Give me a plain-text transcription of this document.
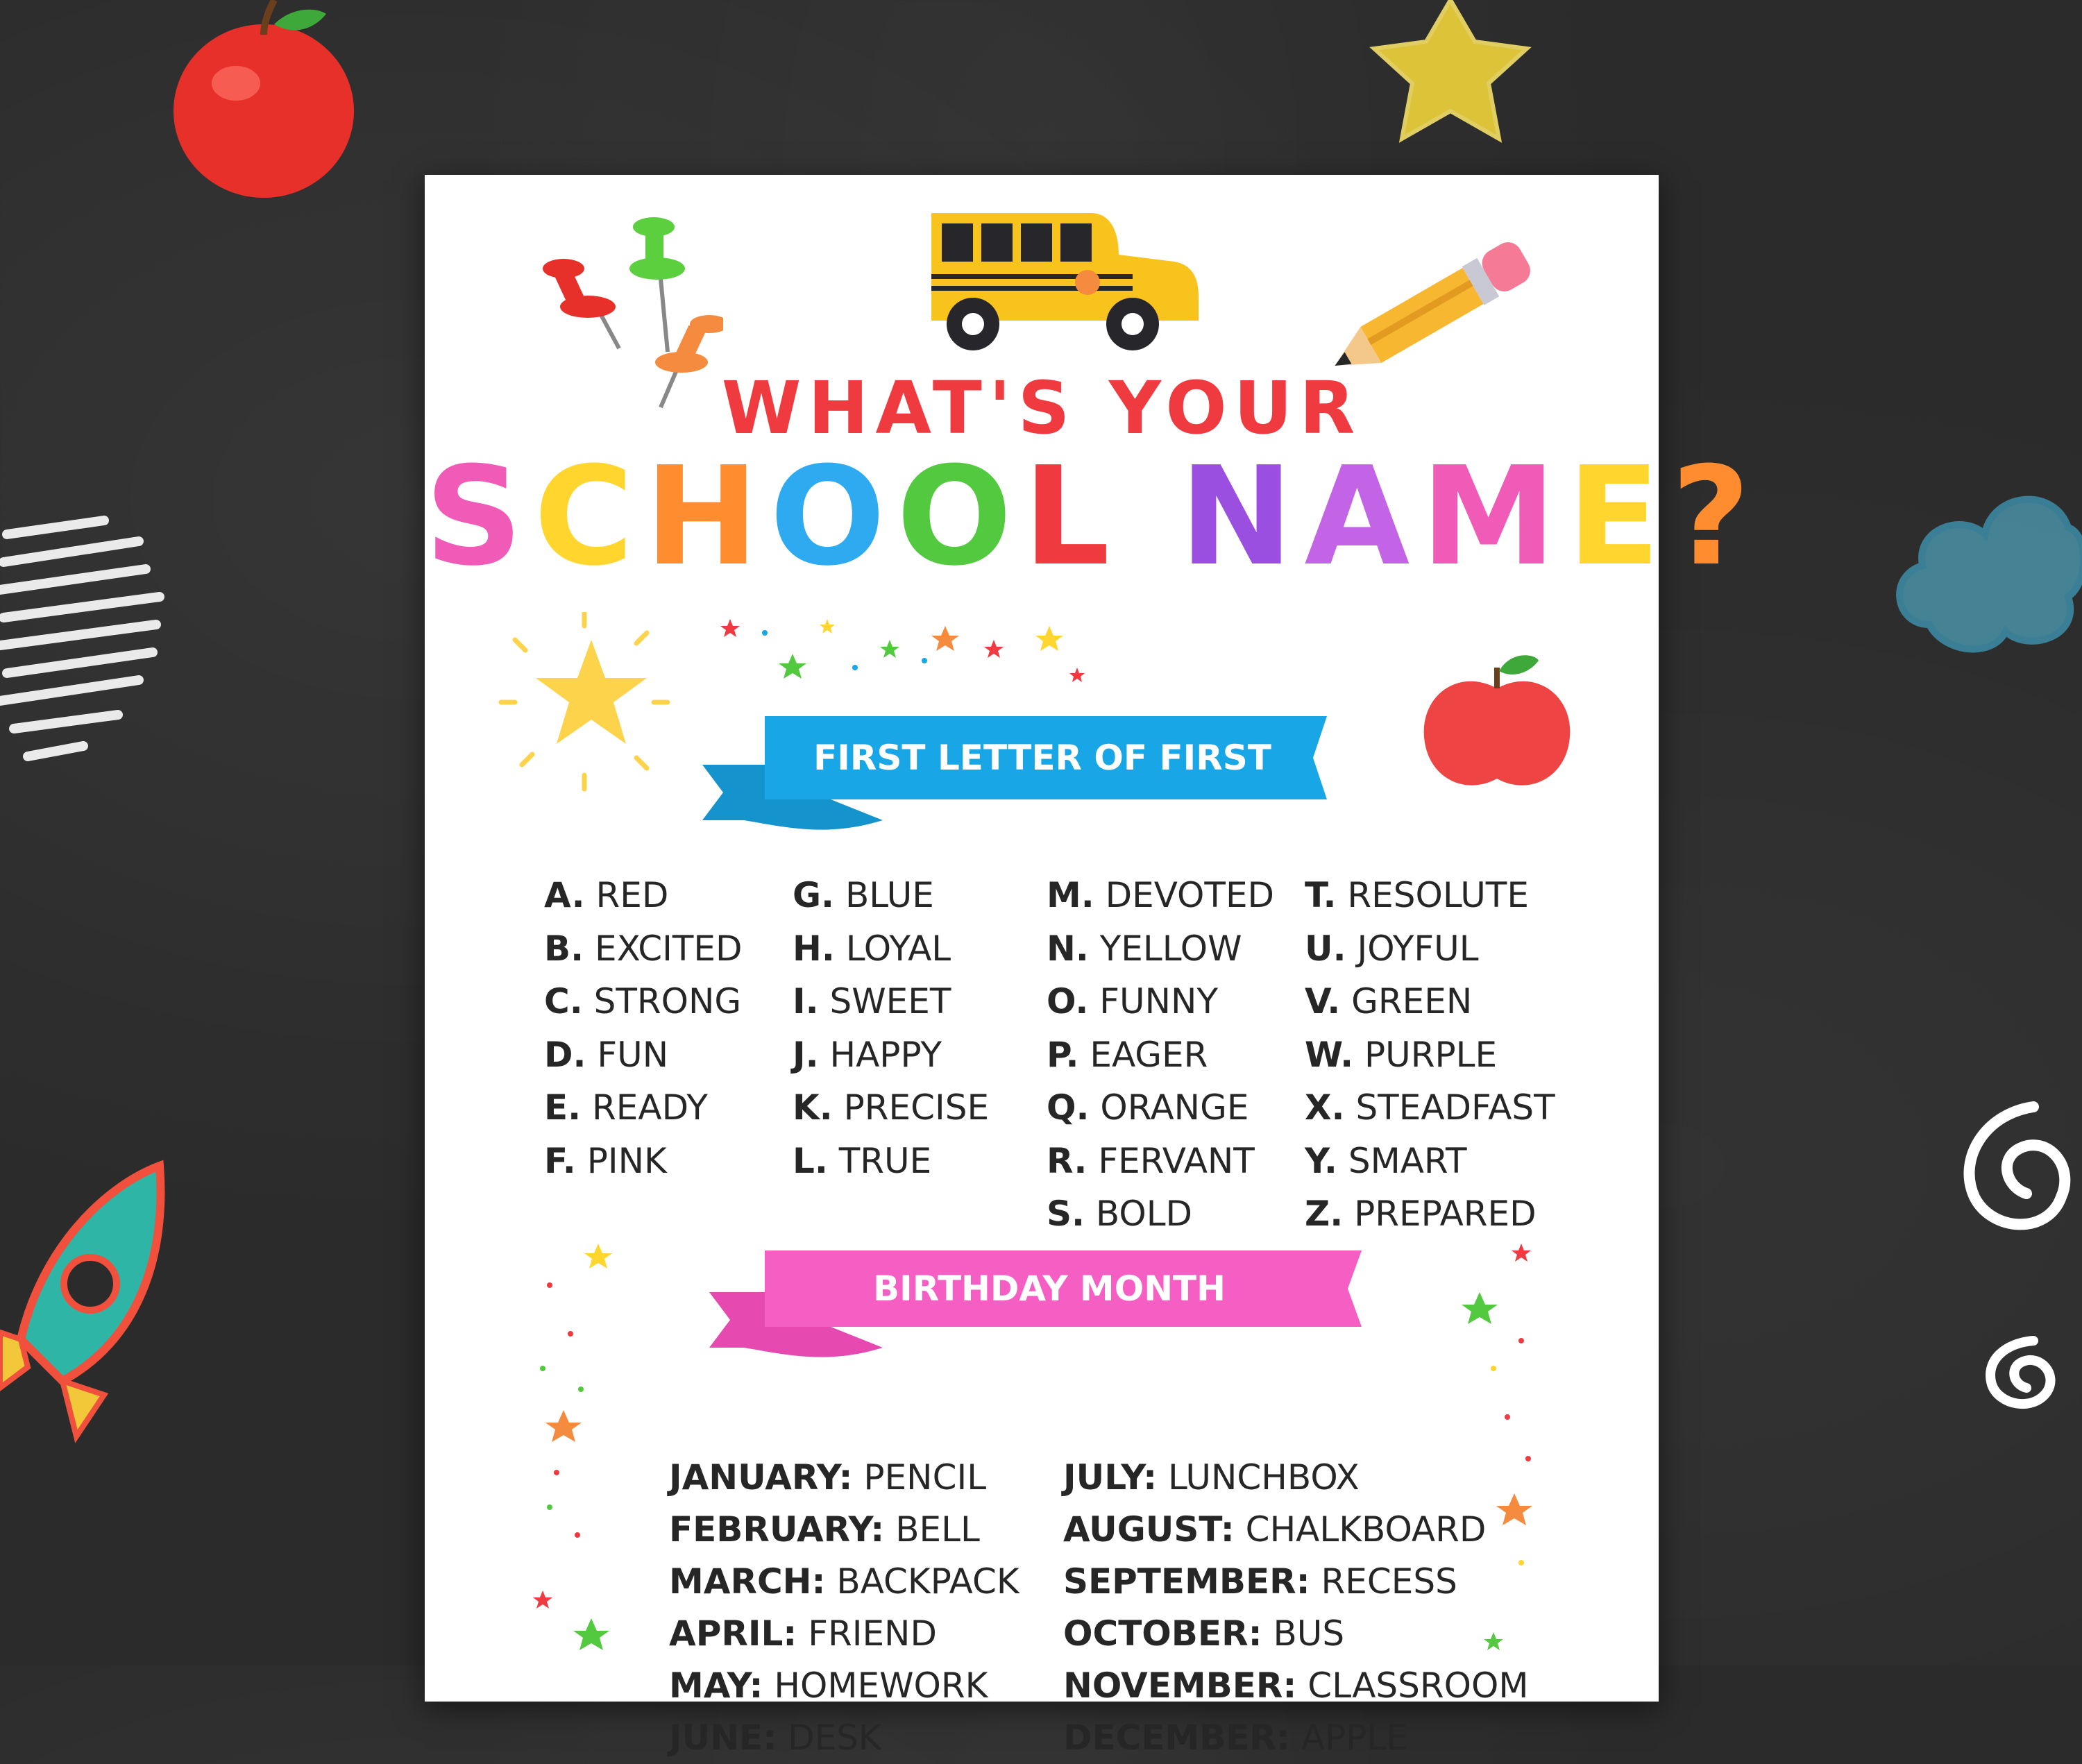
WHAT'S YOUR
SCHOOL NAME?
FIRST LETTER OF FIRST NAME
A. RED
B. EXCITED
C. STRONG
D. FUN
E. READY
F. PINK
G. BLUE
H. LOYAL
I. SWEET
J. HAPPY
K. PRECISE
L. TRUE
M. DEVOTED
N. YELLOW
O. FUNNY
P. EAGER
Q. ORANGE
R. FERVANT
S. BOLD
T. RESOLUTE
U. JOYFUL
V. GREEN
W. PURPLE
X. STEADFAST
Y. SMART
Z. PREPARED
BIRTHDAY MONTH
JANUARY: PENCIL
FEBRUARY: BELL
MARCH: BACKPACK
APRIL: FRIEND
MAY: HOMEWORK
JUNE: DESK
JULY: LUNCHBOX
AUGUST: CHALKBOARD
SEPTEMBER: RECESS
OCTOBER: BUS
NOVEMBER: CLASSROOM
DECEMBER: APPLE
